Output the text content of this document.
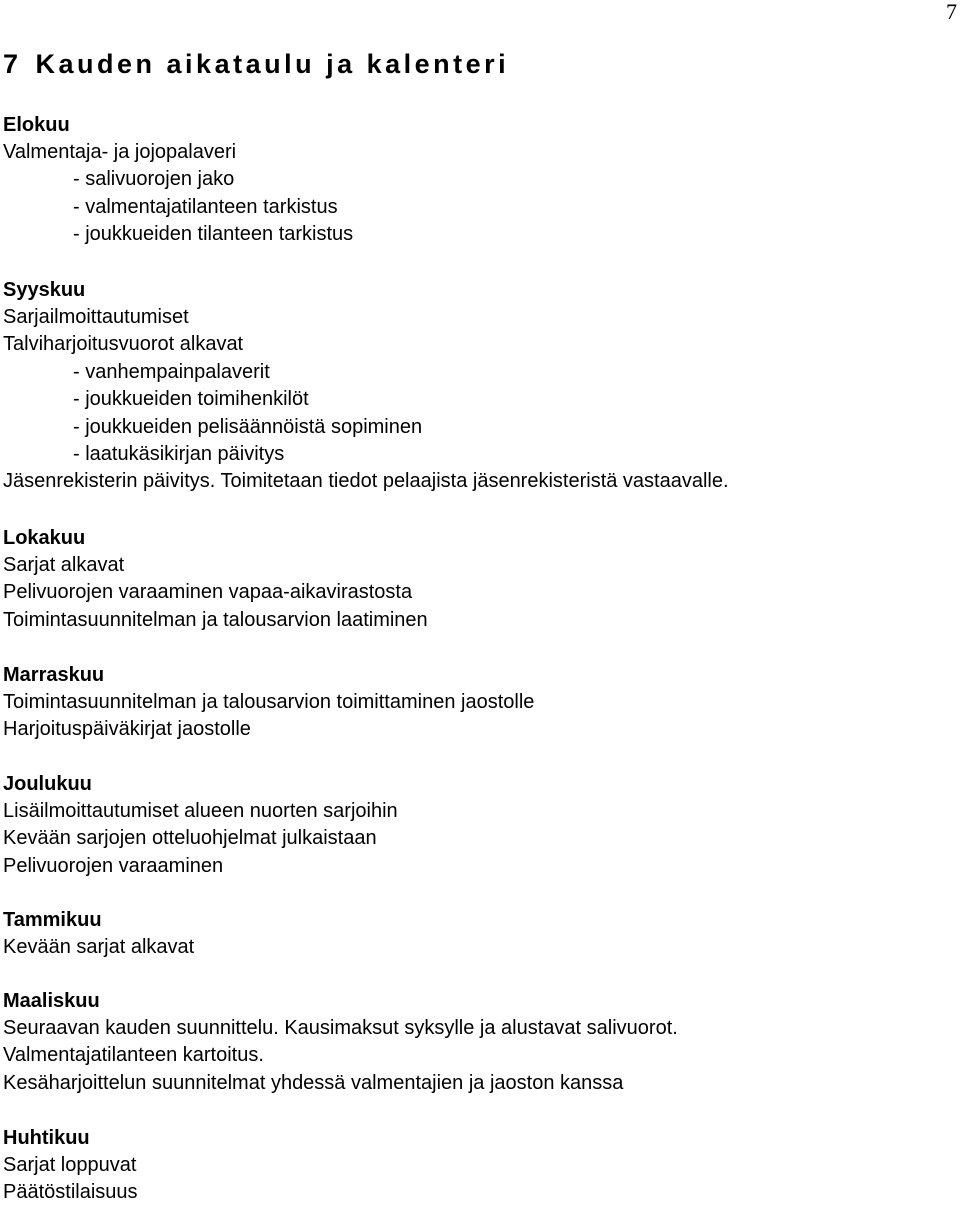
7
7 Kauden aikataulu ja kalenteri
Elokuu
Valmentaja- ja jojopalaveri
- salivuorojen jako
- valmentajatilanteen tarkistus
- joukkueiden tilanteen tarkistus
Syyskuu
Sarjailmoittautumiset
Talviharjoitusvuorot alkavat
- vanhempainpalaverit
- joukkueiden toimihenkilöt
- joukkueiden pelisäännöistä sopiminen
- laatukäsikirjan päivitys
Jäsenrekisterin päivitys. Toimitetaan tiedot pelaajista jäsenrekisteristä vastaavalle.
Lokakuu
Sarjat alkavat
Pelivuorojen varaaminen vapaa-aikavirastosta
Toimintasuunnitelman ja talousarvion laatiminen
Marraskuu
Toimintasuunnitelman ja talousarvion toimittaminen jaostolle
Harjoituspäiväkirjat jaostolle
Joulukuu
Lisäilmoittautumiset alueen nuorten sarjoihin
Kevään sarjojen otteluohjelmat julkaistaan
Pelivuorojen varaaminen
Tammikuu
Kevään sarjat alkavat
Maaliskuu
Seuraavan kauden suunnittelu. Kausimaksut syksylle ja alustavat salivuorot.
Valmentajatilanteen kartoitus.
Kesäharjoittelun suunnitelmat yhdessä valmentajien ja jaoston kanssa
Huhtikuu
Sarjat loppuvat
Päätöstilaisuus
